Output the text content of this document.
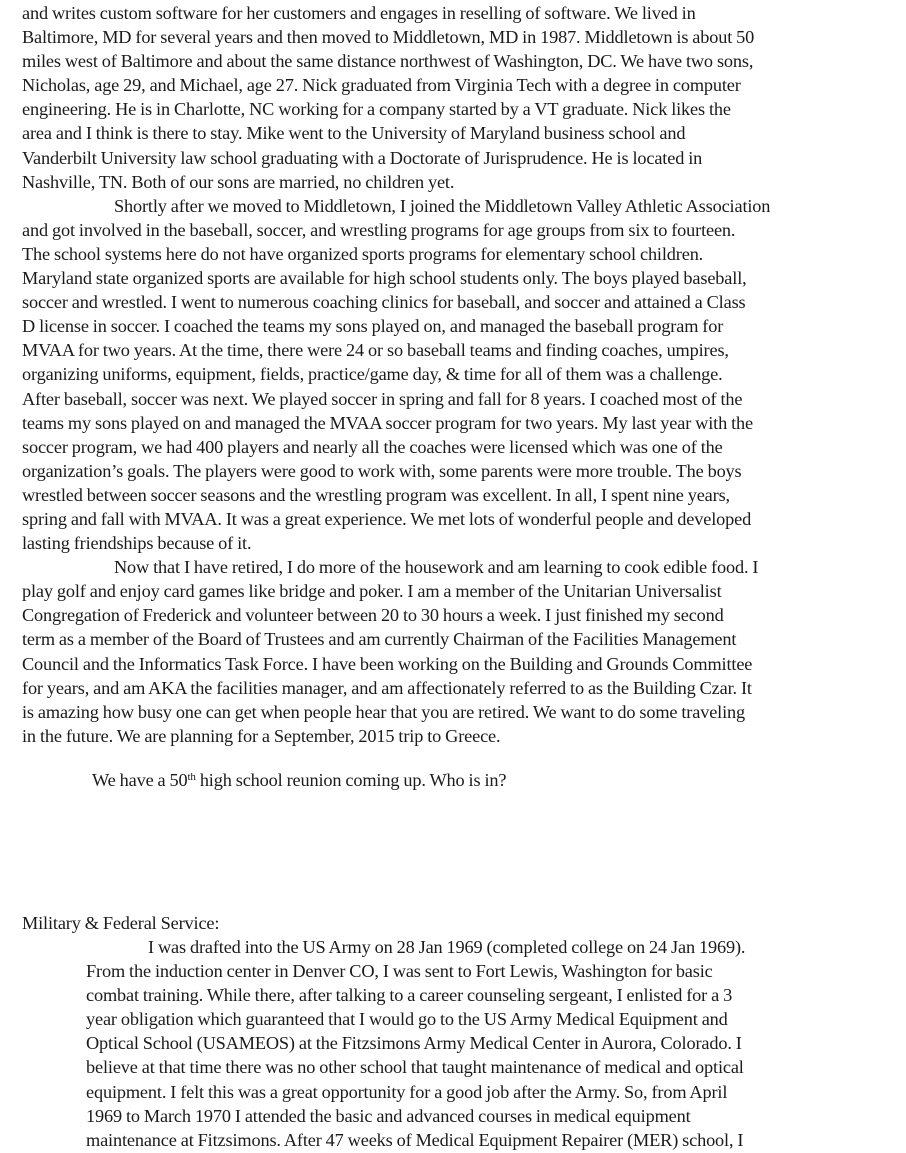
and writes custom software for her customers and engages in reselling of software. We lived in
Baltimore, MD for several years and then moved to Middletown, MD in 1987. Middletown is about 50
miles west of Baltimore and about the same distance northwest of Washington, DC. We have two sons,
Nicholas, age 29, and Michael, age 27. Nick graduated from Virginia Tech with a degree in computer
engineering. He is in Charlotte, NC working for a company started by a VT graduate. Nick likes the
area and I think is there to stay. Mike went to the University of Maryland business school and
Vanderbilt University law school graduating with a Doctorate of Jurisprudence. He is located in
Nashville, TN. Both of our sons are married, no children yet.
Shortly after we moved to Middletown, I joined the Middletown Valley Athletic Association
and got involved in the baseball, soccer, and wrestling programs for age groups from six to fourteen.
The school systems here do not have organized sports programs for elementary school children.
Maryland state organized sports are available for high school students only. The boys played baseball,
soccer and wrestled. I went to numerous coaching clinics for baseball, and soccer and attained a Class
D license in soccer. I coached the teams my sons played on, and managed the baseball program for
MVAA for two years. At the time, there were 24 or so baseball teams and finding coaches, umpires,
organizing uniforms, equipment, fields, practice/game day, & time for all of them was a challenge.
After baseball, soccer was next. We played soccer in spring and fall for 8 years. I coached most of the
teams my sons played on and managed the MVAA soccer program for two years. My last year with the
soccer program, we had 400 players and nearly all the coaches were licensed which was one of the
organization’s goals. The players were good to work with, some parents were more trouble. The boys
wrestled between soccer seasons and the wrestling program was excellent. In all, I spent nine years,
spring and fall with MVAA. It was a great experience. We met lots of wonderful people and developed
lasting friendships because of it.
Now that I have retired, I do more of the housework and am learning to cook edible food. I
play golf and enjoy card games like bridge and poker. I am a member of the Unitarian Universalist
Congregation of Frederick and volunteer between 20 to 30 hours a week. I just finished my second
term as a member of the Board of Trustees and am currently Chairman of the Facilities Management
Council and the Informatics Task Force. I have been working on the Building and Grounds Committee
for years, and am AKA the facilities manager, and am affectionately referred to as the Building Czar. It
is amazing how busy one can get when people hear that you are retired. We want to do some traveling
in the future. We are planning for a September, 2015 trip to Greece.
We have a 50th high school reunion coming up. Who is in?
Military & Federal Service:
I was drafted into the US Army on 28 Jan 1969 (completed college on 24 Jan 1969).
From the induction center in Denver CO, I was sent to Fort Lewis, Washington for basic
combat training. While there, after talking to a career counseling sergeant, I enlisted for a 3
year obligation which guaranteed that I would go to the US Army Medical Equipment and
Optical School (USAMEOS) at the Fitzsimons Army Medical Center in Aurora, Colorado. I
believe at that time there was no other school that taught maintenance of medical and optical
equipment. I felt this was a great opportunity for a good job after the Army. So, from April
1969 to March 1970 I attended the basic and advanced courses in medical equipment
maintenance at Fitzsimons. After 47 weeks of Medical Equipment Repairer (MER) school, I
